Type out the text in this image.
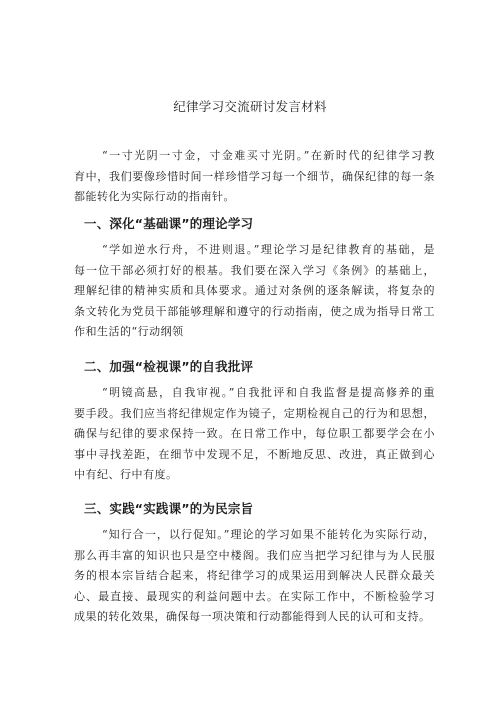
纪律学习交流研讨发言材料
“一寸光阴一寸金，寸金难买寸光阴。”在新时代的纪律学习教
育中，我们要像珍惜时间一样珍惜学习每一个细节，确保纪律的每一条
都能转化为实际行动的指南针。
一、深化“基础课”的理论学习
“学如逆水行舟，不进则退。”理论学习是纪律教育的基础，是
每一位干部必须打好的根基。我们要在深入学习《条例》的基础上，
理解纪律的精神实质和具体要求。通过对条例的逐条解读，将复杂的
条文转化为党员干部能够理解和遵守的行动指南，使之成为指导日常工
作和生活的“行动纲领
二、加强“检视课”的自我批评
“明镜高悬，自我审视。”自我批评和自我监督是提高修养的重
要手段。我们应当将纪律规定作为镜子，定期检视自己的行为和思想，
确保与纪律的要求保持一致。在日常工作中，每位职工都要学会在小
事中寻找差距，在细节中发现不足，不断地反思、改进，真正做到心
中有纪、行中有度。
三、实践“实践课”的为民宗旨
“知行合一，以行促知。”理论的学习如果不能转化为实际行动，
那么再丰富的知识也只是空中楼阁。我们应当把学习纪律与为人民服
务的根本宗旨结合起来，将纪律学习的成果运用到解决人民群众最关
心、最直接、最现实的利益问题中去。在实际工作中，不断检验学习
成果的转化效果，确保每一项决策和行动都能得到人民的认可和支持。
